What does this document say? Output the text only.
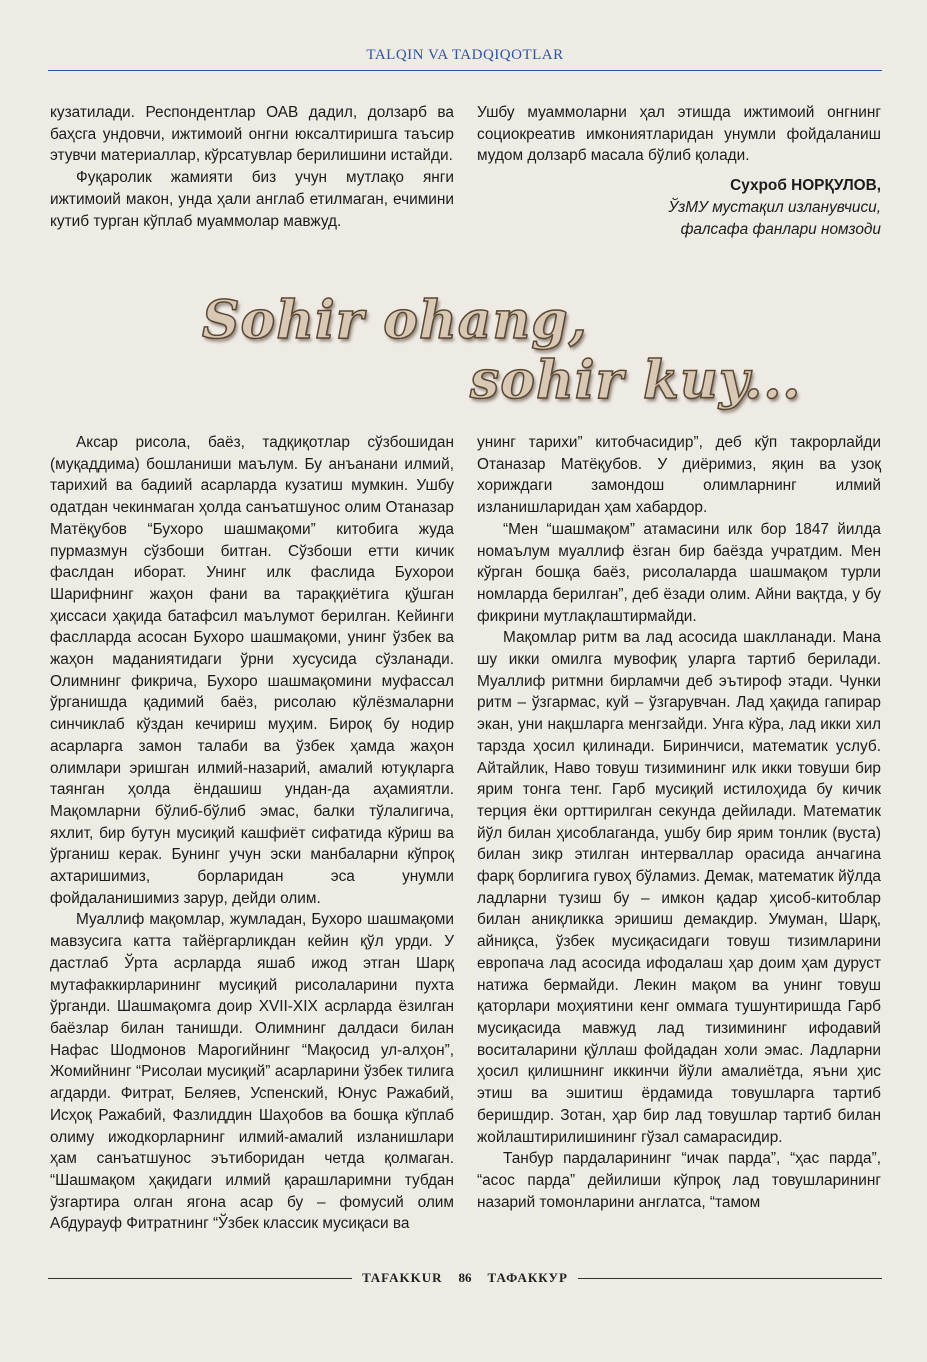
TALQIN VA TADQIQOTLAR

кузатилади. Респондентлар ОАВ дадил, долзарб ва баҳсга ундовчи, ижтимоий онгни юксалтиришга таъсир этувчи материаллар, кўрсатувлар берилишини истайди.

Фуқаролик жамияти биз учун мутлақо янги ижтимоий макон, унда ҳали англаб етилмаган, ечимини кутиб турган кўплаб муаммолар мавжуд.

Ушбу муаммоларни ҳал этишда ижтимоий онгнинг социокреатив имкониятларидан унумли фойдаланиш мудом долзарб масала бўлиб қолади.

Сухроб НОРҚУЛОВ,
ЎзМУ мустақил изланувчиси,
фалсафа фанлари номзоди
Sohir ohang,
sohir kuy...

Аксар рисола, баёз, тадқиқотлар сўзбошидан (муқаддима) бошланиши маълум. Бу анъанани илмий, тарихий ва бадиий асарларда кузатиш мумкин. Ушбу одатдан чекинмаган ҳолда санъатшунос олим Отаназар Матёқубов “Бухоро шашмақоми” китобига жуда пурмазмун сўзбоши битган. Сўзбоши етти кичик фаслдан иборат. Унинг илк фаслида Бухорои Шарифнинг жаҳон фани ва тараққиётига қўшган ҳиссаси ҳақида батафсил маълумот берилган. Кейинги фаслларда асосан Бухоро шашмақоми, унинг ўзбек ва жаҳон маданиятидаги ўрни хусусида сўзланади. Олимнинг фикрича, Бухоро шашмақомини муфассал ўрганишда қадимий баёз, рисолаю кўлёзмаларни синчиклаб кўздан кечириш муҳим. Бироқ бу нодир асарларга замон талаби ва ўзбек ҳамда жаҳон олимлари эришган илмий-назарий, амалий ютуқларга таянган ҳолда ёндашиш ундан-да аҳамиятли. Мақомларни бўлиб-бўлиб эмас, балки тўлалигича, яхлит, бир бутун мусиқий кашфиёт сифатида кўриш ва ўрганиш керак. Бунинг учун эски манбаларни кўпроқ ахтаришимиз, борларидан эса унумли фойдаланишимиз зарур, дейди олим.

Муаллиф мақомлар, жумладан, Бухоро шашмақоми мавзусига катта тайёргарликдан кейин қўл урди. У дастлаб Ўрта асрларда яшаб ижод этган Шарқ мутафаккирларининг мусиқий рисолаларини пухта ўрганди. Шашмақомга доир XVII-XIX асрларда ёзилган баёзлар билан танишди. Олимнинг далдаси билан Нафас Шодмонов Марогийнинг “Мақосид ул-алҳон”, Жомийнинг “Рисолаи мусиқий” асарларини ўзбек тилига агдарди. Фитрат, Беляев, Успенский, Юнус Ражабий, Исҳоқ Ражабий, Фазлиддин Шаҳобов ва бошқа кўплаб олиму ижодкорларнинг илмий-амалий изланишлари ҳам санъатшунос эътиборидан четда қолмаган. “Шашмақом ҳақидаги илмий қарашларимни тубдан ўзгартира олган ягона асар бу – фомусий олим Абдурауф Фитратнинг “Ўзбек классик мусиқаси ва

унинг тарихи” китобчасидир”, деб кўп такрорлайди Отаназар Матёқубов. У диёримиз, яқин ва узоқ хориждаги замондош олимларнинг илмий изланишларидан ҳам хабардор.

“Мен “шашмақом” атамасини илк бор 1847 йилда номаълум муаллиф ёзган бир баёзда учратдим. Мен кўрган бошқа баёз, рисолаларда шашмақом турли номларда берилган”, деб ёзади олим. Айни вақтда, у бу фикрини мутлақлаштирмайди.

Мақомлар ритм ва лад асосида шаклланади. Мана шу икки омилга мувофиқ уларга тартиб берилади. Муаллиф ритмни бирламчи деб эътироф этади. Чунки ритм – ўзгармас, куй – ўзгарувчан. Лад ҳақида гапирар экан, уни нақшларга менгзайди. Унга кўра, лад икки хил тарзда ҳосил қилинади. Биринчиси, математик услуб. Айтайлик, Наво товуш тизимининг илк икки товуши бир ярим тонга тенг. Гарб мусиқий истилоҳида бу кичик терция ёки орттирилган секунда дейилади. Математик йўл билан ҳисоблаганда, ушбу бир ярим тонлик (вуста) билан зикр этилган интерваллар орасида анчагина фарқ борлигига гувоҳ бўламиз. Демак, математик йўлда ладларни тузиш бу – имкон қадар ҳисоб-китоблар билан аниқликка эришиш демакдир. Умуман, Шарқ, айниқса, ўзбек мусиқасидаги товуш тизимларини европача лад асосида ифодалаш ҳар доим ҳам дуруст натижа бермайди. Лекин мақом ва унинг товуш қаторлари моҳиятини кенг оммага тушунтиришда Гарб мусиқасида мавжуд лад тизимининг ифодавий воситаларини қўллаш фойдадан холи эмас. Ладларни ҳосил қилишнинг иккинчи йўли амалиётда, яъни ҳис этиш ва эшитиш ёрдамида товушларга тартиб беришдир. Зотан, ҳар бир лад товушлар тартиб билан жойлаштирилишининг гўзал самарасидир.

Танбур пардаларининг “ичак парда”, “ҳас парда”, “асос парда” дейилиши кўпроқ лад товушларининг назарий томонларини англатса, “тамом

TAFAKKUR 86 ТАФАККУР
